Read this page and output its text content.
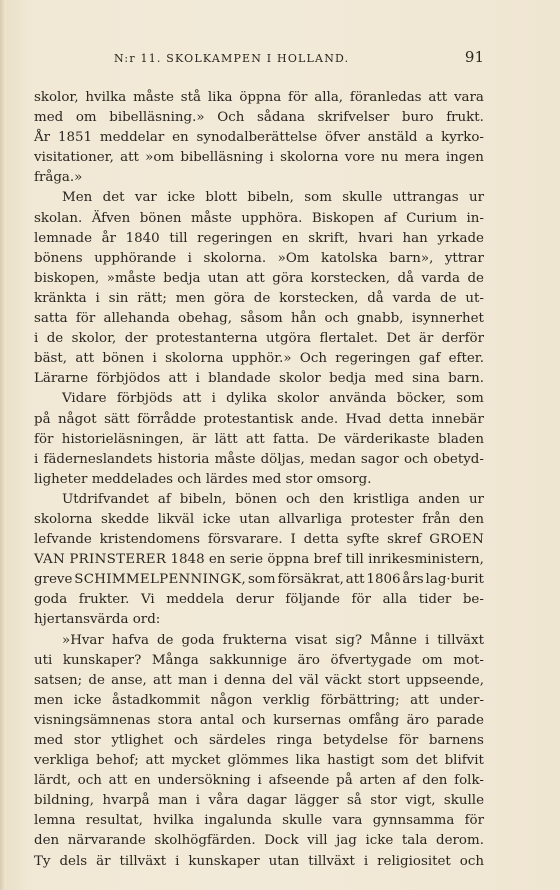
N:r 11. SKOLKAMPEN I HOLLAND.	91
skolor, hvilka måste stå lika öppna för alla, föranledas att vara
med om bibelläsning.» Och sådana skrifvelser buro frukt.
År 1851 meddelar en synodalberättelse öfver anstäld a kyrko-
visitationer, att »om bibelläsning i skolorna vore nu mera ingen
fråga.»
Men det var icke blott bibeln, som skulle uttrangas ur
skolan. Äfven bönen måste upphöra. Biskopen af Curium in-
lemnade år 1840 till regeringen en skrift, hvari han yrkade
bönens upphörande i skolorna. »Om katolska barn», yttrar
biskopen, »måste bedja utan att göra korstecken, då varda de
kränkta i sin rätt; men göra de korstecken, då varda de ut-
satta för allehanda obehag, såsom hån och gnabb, isynnerhet
i de skolor, der protestanterna utgöra flertalet. Det är derför
bäst, att bönen i skolorna upphör.» Och regeringen gaf efter.
Lärarne förbjödos att i blandade skolor bedja med sina barn.
Vidare förbjöds att i dylika skolor använda böcker, som
på något sätt förrådde protestantisk ande. Hvad detta innebär
för historieläsningen, är lätt att fatta. De värderikaste bladen
i fädernеslandets historia måste döljas, medan sagor och obetyd-
ligheter meddelades och lärdes med stor omsorg.
Utdrifvandet af bibeln, bönen och den kristliga anden ur
skolorna skedde likväl icke utan allvarliga protester från den
lefvande kristendomens försvarare. I detta syfte skref GROEN
VAN PRINSTERER 1848 en serie öppna bref till inrikesministern,
greve SCHIMMELPENNINGK, som försäkrat, att 1806 års lag·burit
goda frukter. Vi meddela derur följande för alla tider be-
hjertansvärda ord:
»Hvar hafva de goda frukterna visat sig? Månne i tillväxt
uti kunskaper? Många sakkunnige äro öfvertygade om mot-
satsen; de anse, att man i denna del väl väckt stort uppseende,
men icke åstadkommit någon verklig förbättring; att under-
visningsämnenas stora antal och kursernas omfång äro parade
med stor ytlighet och särdeles ringa betydelse för barnens
verkliga behof; att mycket glömmes lika hastigt som det blifvit
lärdt, och att en undersökning i afseende på arten af den folk-
bildning, hvarpå man i våra dagar lägger så stor vigt, skulle
lemna resultat, hvilka ingalunda skulle vara gynnsamma för
den närvarande skolhögfärden. Dock vill jag icke tala derom.
Ty dels är tillväxt i kunskaper utan tillväxt i religiositet och
